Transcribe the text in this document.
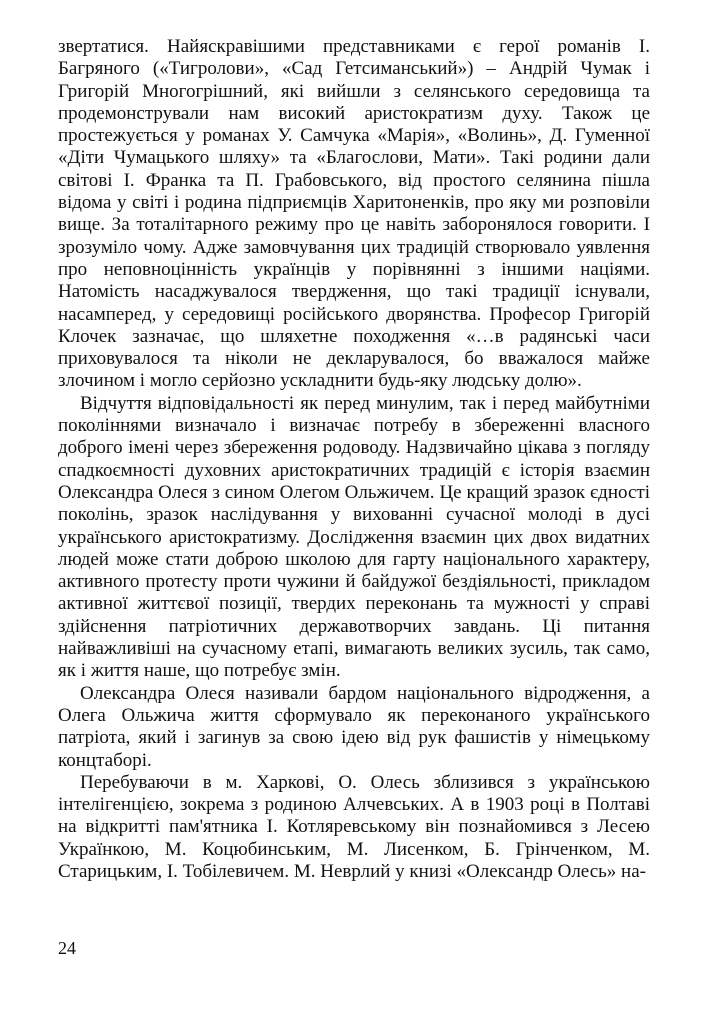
звертатися. Найяскравішими представниками є герої романів І. Багряного («Тигролови», «Сад Гетсиманський») – Андрій Чумак і Григорій Многогрішний, які вийшли з селянського середовища та продемонстрували нам високий аристократизм духу. Також це простежується у романах У. Самчука «Марія», «Волинь», Д. Гуменної «Діти Чумацького шляху» та «Благослови, Мати». Такі родини дали світові І. Франка та П. Грабовського, від простого селянина пішла відома у світі і родина підприємців Харитоненків, про яку ми розповіли вище. За тоталітарного режиму про це навіть заборонялося говорити. І зрозуміло чому. Адже замовчування цих традицій створювало уявлення про неповноцінність українців у порівнянні з іншими націями. Натомість насаджувалося твердження, що такі традиції існували, насамперед, у середовищі російського дворянства. Професор Григорій Клочек зазначає, що шляхетне походження «…в радянські часи приховувалося та ніколи не декларувалося, бо вважалося майже злочином і могло серйозно ускладнити будь-яку людську долю».

Відчуття відповідальності як перед минулим, так і перед майбутніми поколіннями визначало і визначає потребу в збереженні власного доброго імені через збереження родоводу. Надзвичайно цікава з погляду спадкоємності духовних аристократичних традицій є історія взаємин Олександра Олеся з сином Олегом Ольжичем. Це кращий зразок єдності поколінь, зразок наслідування у вихованні сучасної молоді в дусі українського аристократизму. Дослідження взаємин цих двох видатних людей може стати доброю школою для гарту національного характеру, активного протесту проти чужини й байдужої бездіяльності, прикладом активної життєвої позиції, твердих переконань та мужності у справі здійснення патріотичних державотворчих завдань. Ці питання найважливіші на сучасному етапі, вимагають великих зусиль, так само, як і життя наше, що потребує змін.

Олександра Олеся називали бардом національного відродження, а Олега Ольжича життя сформувало як переконаного українського патріота, який і загинув за свою ідею від рук фашистів у німецькому концтаборі.

Перебуваючи в м. Харкові, О. Олесь зблизився з українською інтелігенцією, зокрема з родиною Алчевських. А в 1903 році в Полтаві на відкритті пам'ятника І. Котляревському він познайомився з Лесею Українкою, М. Коцюбинським, М. Лисенком, Б. Грінченком, М. Старицьким, І. Тобілевичем. М. Неврлий у книзі «Олександр Олесь» на-

24
